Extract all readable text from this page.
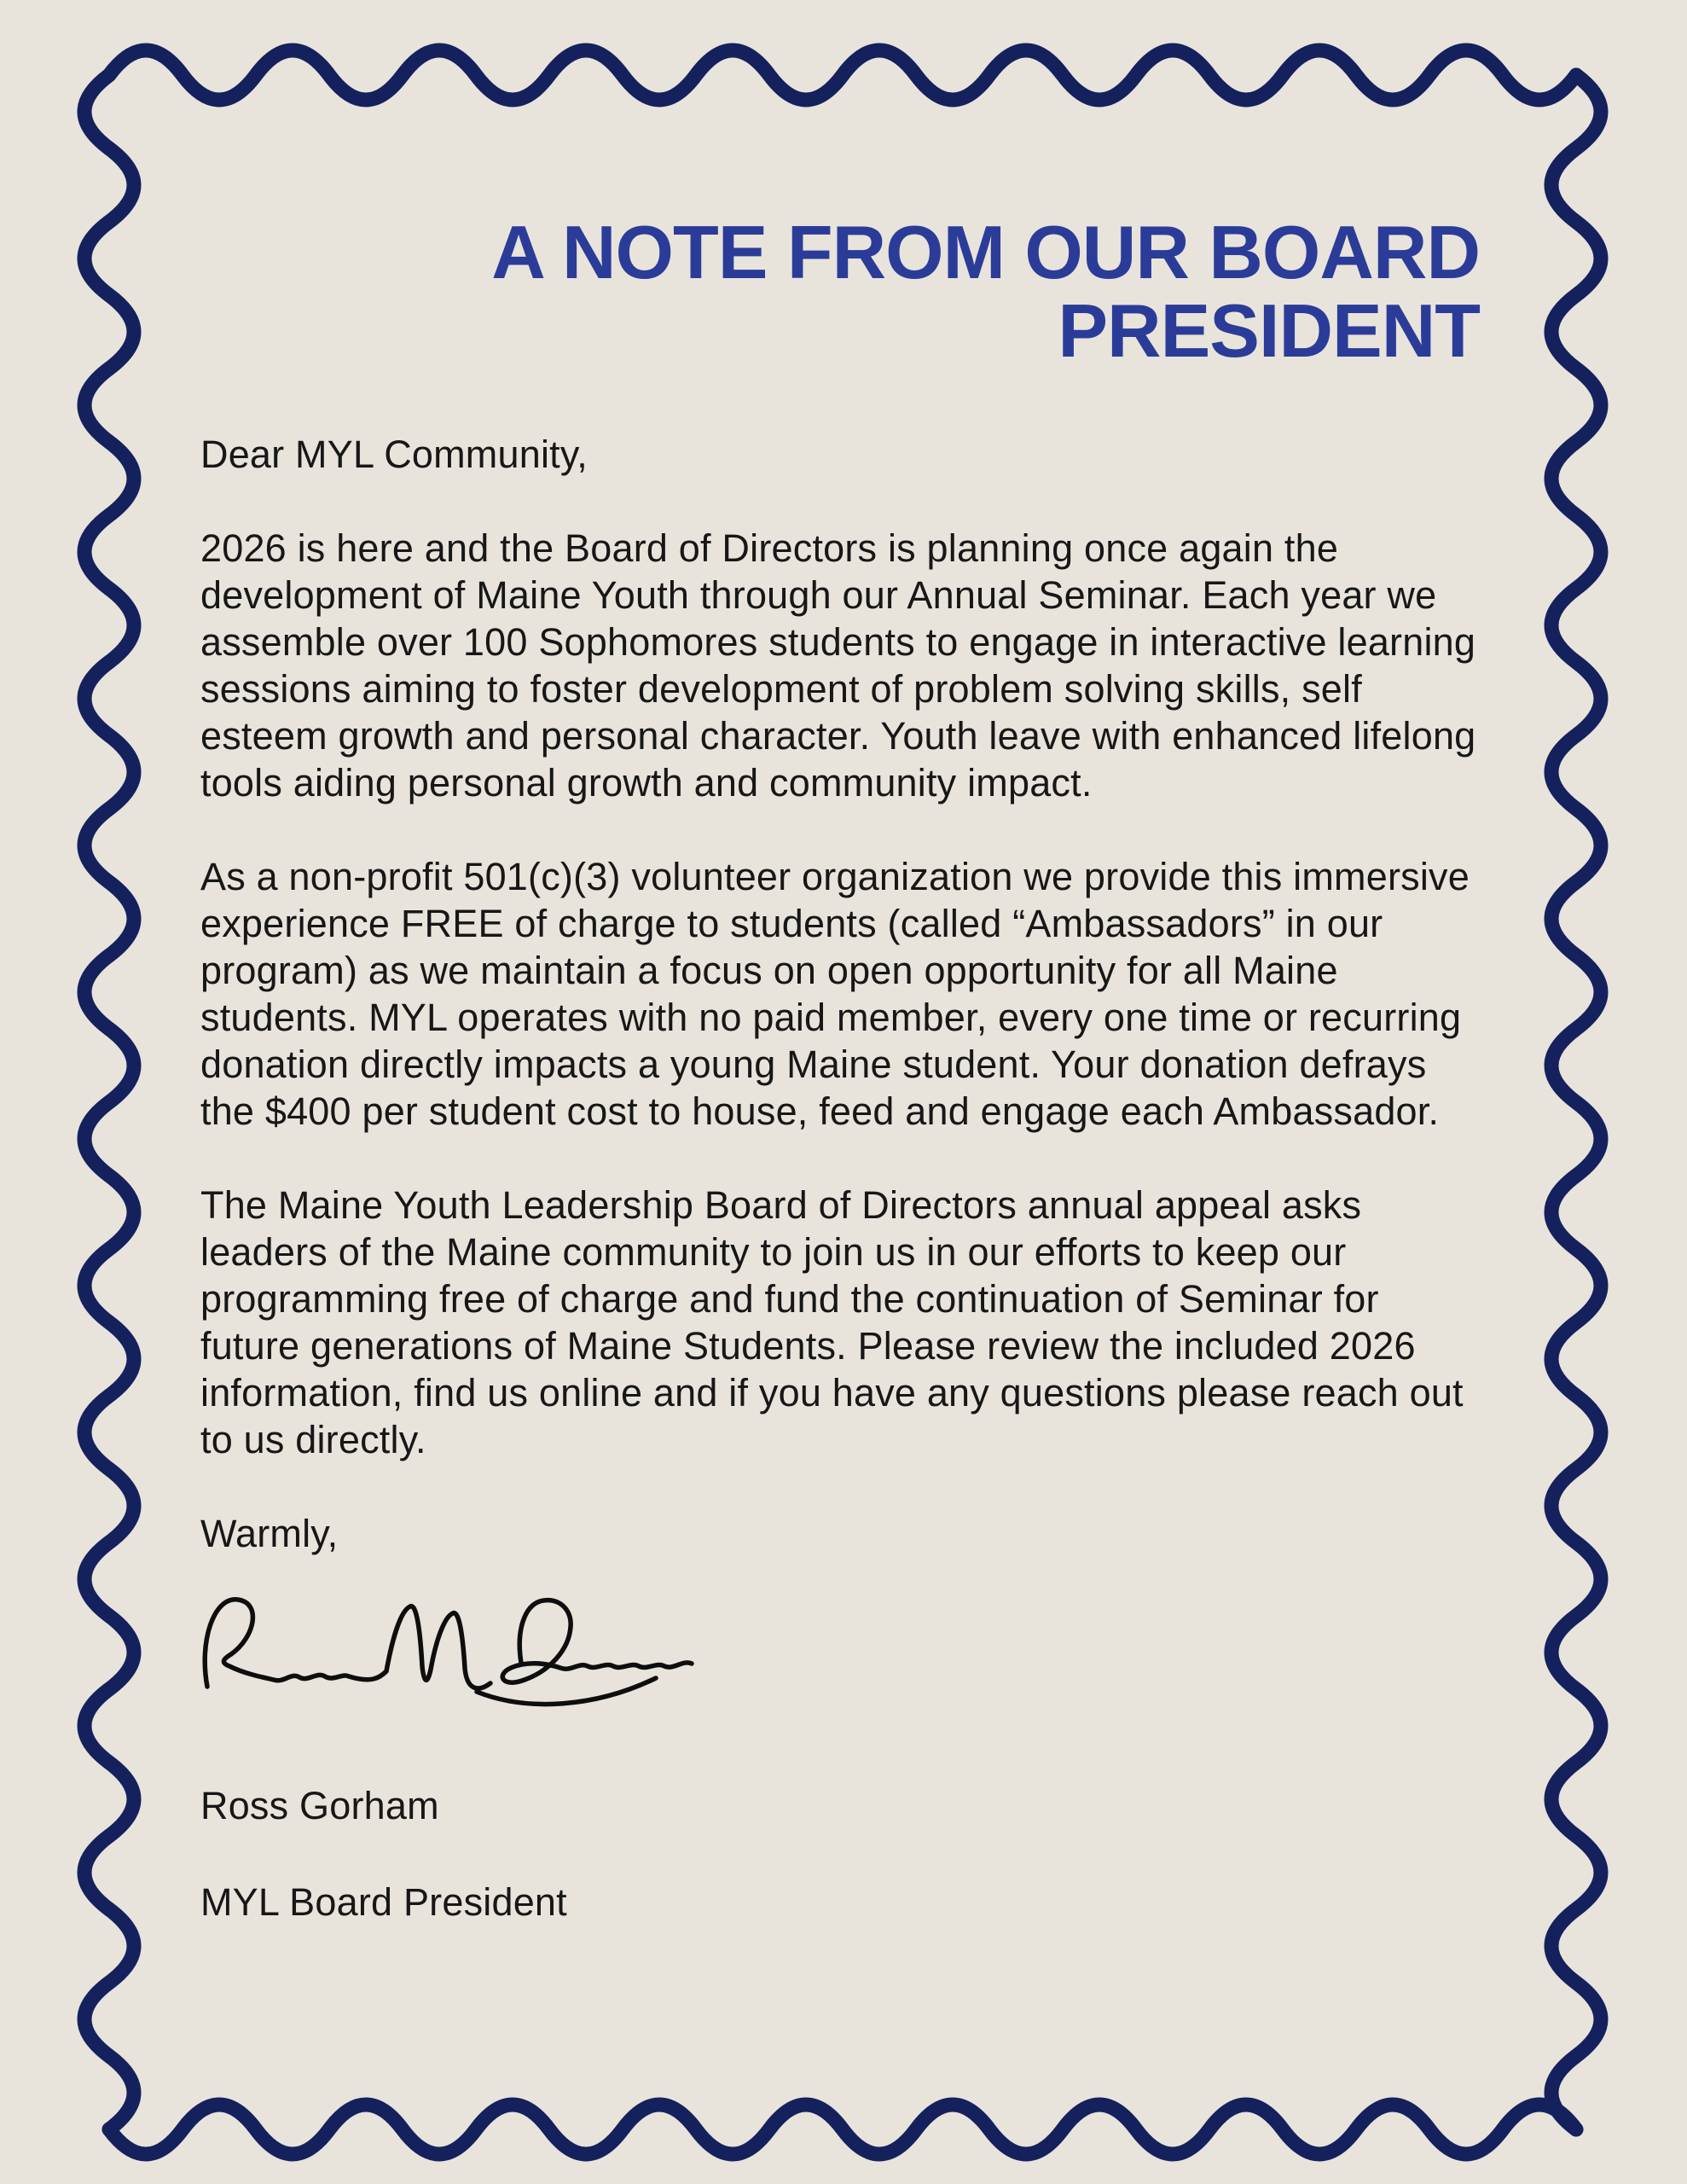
A NOTE FROM OUR BOARD
PRESIDENT
Dear MYL Community,

2026 is here and the Board of Directors is planning once again the development of Maine Youth through our Annual Seminar. Each year we assemble over 100 Sophomores students to engage in interactive learning sessions aiming to foster development of problem solving skills, self esteem growth and personal character. Youth leave with enhanced lifelong tools aiding personal growth and community impact.

As a non-profit 501(c)(3) volunteer organization we provide this immersive experience FREE of charge to students (called “Ambassadors” in our program) as we maintain a focus on open opportunity for all Maine students. MYL operates with no paid member, every one time or recurring donation directly impacts a young Maine student. Your donation defrays the $400 per student cost to house, feed and engage each Ambassador.

The Maine Youth Leadership Board of Directors annual appeal asks leaders of the Maine community to join us in our efforts to keep our programming free of charge and fund the continuation of Seminar for future generations of Maine Students. Please review the included 2026 information, find us online and if you have any questions please reach out to us directly.

Warmly,
Ross Gorham
MYL Board President
